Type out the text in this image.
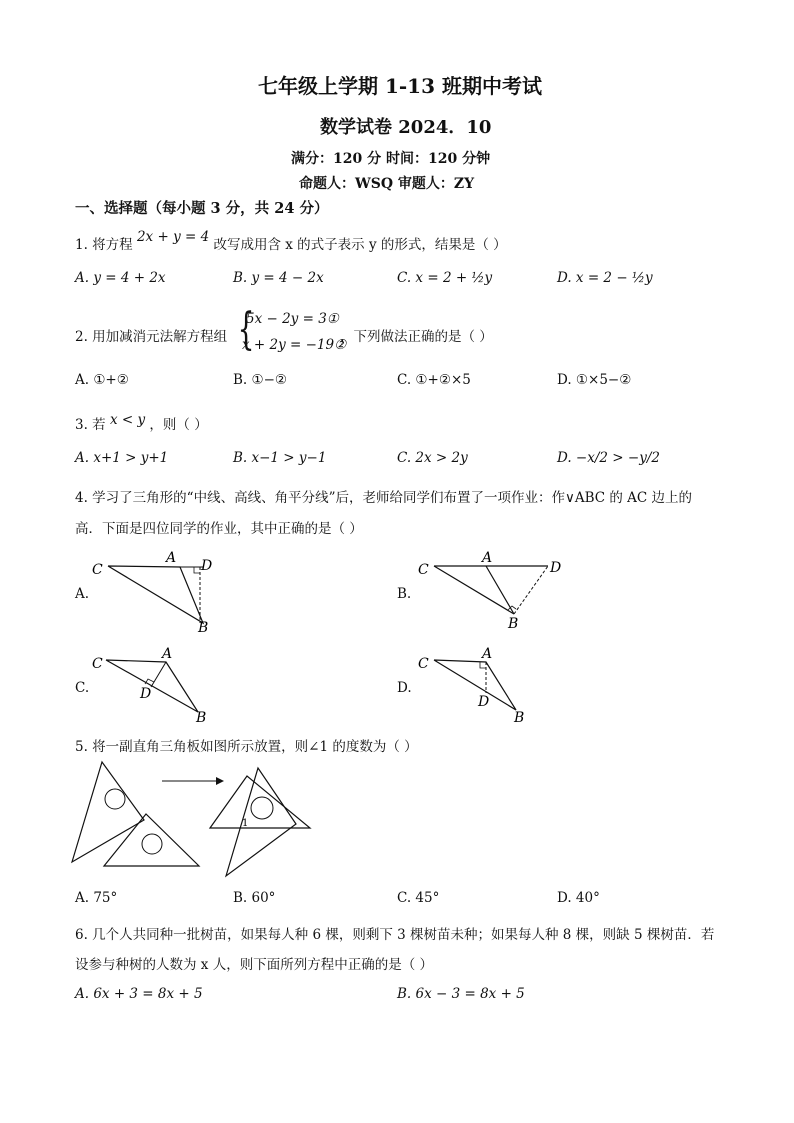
七年级上学期 1-13 班期中考试
数学试卷 2024．10
满分：120 分 时间：120 分钟
命题人：WSQ 审题人：ZY
一、选择题（每小题 3 分，共 24 分）
1. 将方程 2x + y = 4 改写成用含 x 的式子表示 y 的形式，结果是（ ）
A. y = 4 + 2x	B. y = 4 − 2x	C. x = 2 + ½y	D. x = 2 − ½y
2. 用加减消元法解方程组 {
5x − 2y = 3①
x + 2y = −19②
，下列做法正确的是（ ）
A. ①+②	B. ①−②	C. ①+②×5	D. ①×5−②
3. 若 x < y ，则（ ）
A. x+1 > y+1	B. x−1 > y−1	C. 2x > 2y	D. −x/2 > −y/2
4. 学习了三角形的“中线、高线、角平分线”后，老师给同学们布置了一项作业：作∨ABC 的 AC 边上的
高．下面是四位同学的作业，其中正确的是（ ）
A.	B.
C.	D.
C
A D
B
C
A
D
B
C
A
D
B
C
A
D
B
5. 将一副直角三角板如图所示放置，则∠1 的度数为（ ）
1
A. 75°	B. 60°	C. 45°	D. 40°
6. 几个人共同种一批树苗，如果每人种 6 棵，则剩下 3 棵树苗未种；如果每人种 8 棵，则缺 5 棵树苗．若
设参与种树的人数为 x 人，则下面所列方程中正确的是（ ）
A. 6x + 3 = 8x + 5	B. 6x − 3 = 8x + 5
